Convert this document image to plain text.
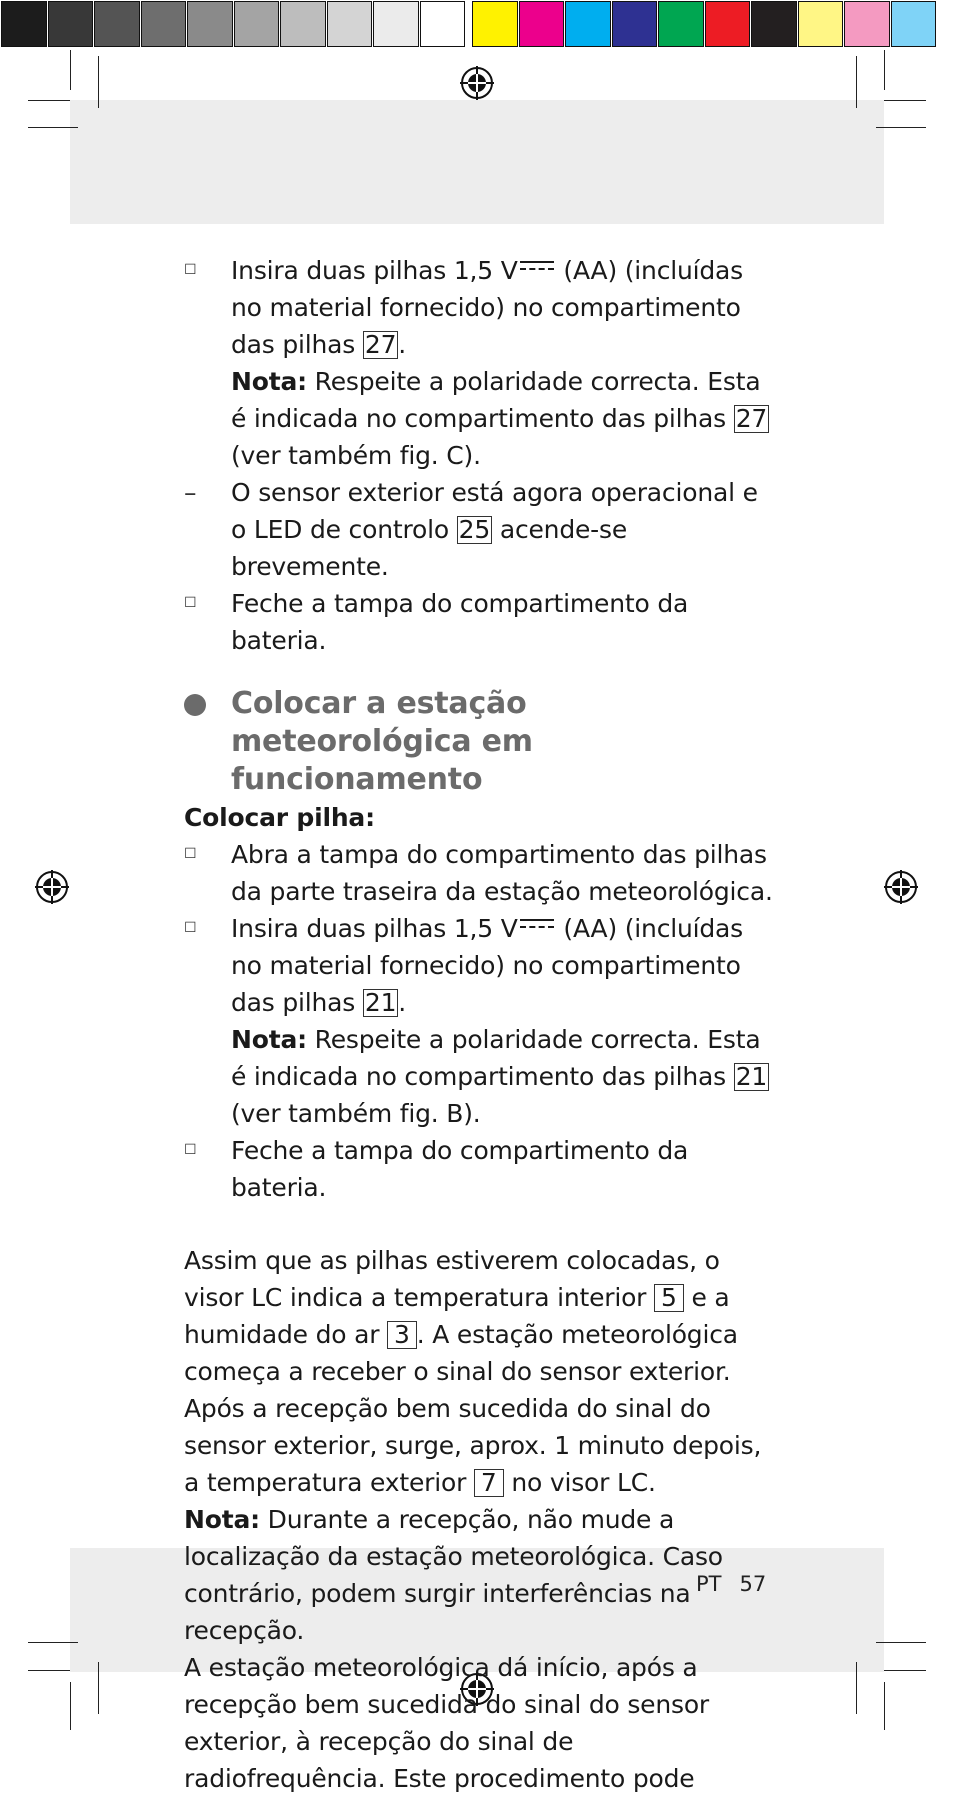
☐	Insira duas pilhas 1,5 V (AA) (incluídas no material fornecido) no compartimento das pilhas 27.
Nota: Respeite a polaridade correcta. Esta é indicada no compartimento das pilhas 27 (ver também fig. C).
–	O sensor exterior está agora operacional e o LED de controlo 25 acende-se brevemente.
☐	Feche a tampa do compartimento da bateria.
Colocar a estação meteorológica em funcionamento
Colocar pilha:
☐	Abra a tampa do compartimento das pilhas da parte traseira da estação meteorológica.
☐	Insira duas pilhas 1,5 V (AA) (incluídas no material fornecido) no compartimento das pilhas 21.
Nota: Respeite a polaridade correcta. Esta é indicada no compartimento das pilhas 21 (ver também fig. B).
☐	Feche a tampa do compartimento da bateria.
Assim que as pilhas estiverem colocadas, o visor LC indica a temperatura interior 5 e a humidade do ar 3 . A estação meteorológica começa a receber o sinal do sensor exterior. Após a recepção bem sucedida do sinal do sensor exterior, surge, aprox. 1 minuto depois, a temperatura exterior 7 no visor LC.
Nota: Durante a recepção, não mude a localização da estação meteorológica. Caso contrário, podem surgir interferências na recepção.
A estação meteorológica dá início, após a recepção bem sucedida do sinal do sensor exterior, à recepção do sinal de radiofrequência. Este procedimento pode
PT 57
